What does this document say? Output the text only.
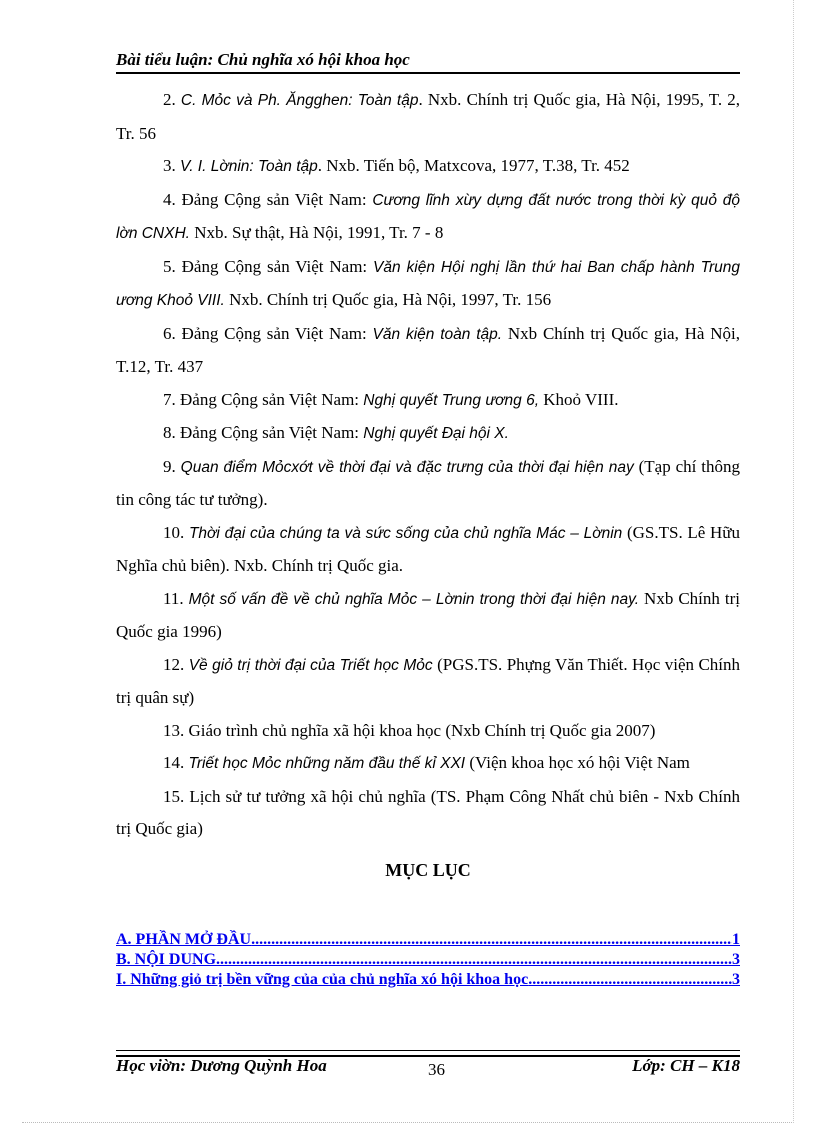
Bài tiểu luận: Chủ nghĩa xó hội khoa học

2. C. Mỏc và Ph. Ăngghen: Toàn tập. Nxb. Chính trị Quốc gia, Hà Nội, 1995, T. 2, Tr. 56

3. V. I. Lờnin: Toàn tập. Nxb. Tiến bộ, Matxcova, 1977, T.38, Tr. 452

4. Đảng Cộng sản Việt Nam: Cương lĩnh xừy dựng đất nước trong thời kỳ quỏ độ lờn CNXH. Nxb. Sự thật, Hà Nội, 1991, Tr. 7 - 8

5. Đảng Cộng sản Việt Nam: Văn kiện Hội nghị lần thứ hai Ban chấp hành Trung ương Khoỏ VIII. Nxb. Chính trị Quốc gia, Hà Nội, 1997, Tr. 156

6. Đảng Cộng sản Việt Nam: Văn kiện toàn tập. Nxb Chính trị Quốc gia, Hà Nội, T.12, Tr. 437

7. Đảng Cộng sản Việt Nam: Nghị quyết Trung ương 6, Khoỏ VIII.

8. Đảng Cộng sản Việt Nam: Nghị quyết Đại hội X.

9. Quan điểm Mỏcxớt về thời đại và đặc trưng của thời đại hiện nay (Tạp chí thông tin công tác tư tưởng).

10. Thời đại của chúng ta và sức sống của chủ nghĩa Mác – Lờnin (GS.TS. Lê Hữu Nghĩa chủ biên). Nxb. Chính trị Quốc gia.

11. Một số vấn đề về chủ nghĩa Mỏc – Lờnin trong thời đại hiện nay. Nxb Chính trị Quốc gia 1996)

12. Về giỏ trị thời đại của Triết học Mỏc (PGS.TS. Phựng Văn Thiết. Học viện Chính trị quân sự)

13. Giáo trình chủ nghĩa xã hội khoa học (Nxb Chính trị Quốc gia 2007)

14. Triết học Mỏc những năm đầu thế kỉ XXI (Viện khoa học xó hội Việt Nam

15. Lịch sử tư tưởng xã hội chủ nghĩa (TS. Phạm Công Nhất chủ biên - Nxb Chính trị Quốc gia)

MỤC LỤC
A. PHẦN MỞ ĐẦU .....	1
B. NỘI DUNG .....	3
I. Những giỏ trị bền vững của của chủ nghĩa xó hội khoa học .....	3
Học viờn: Dương Quỳnh Hoa	36	Lớp: CH – K18
